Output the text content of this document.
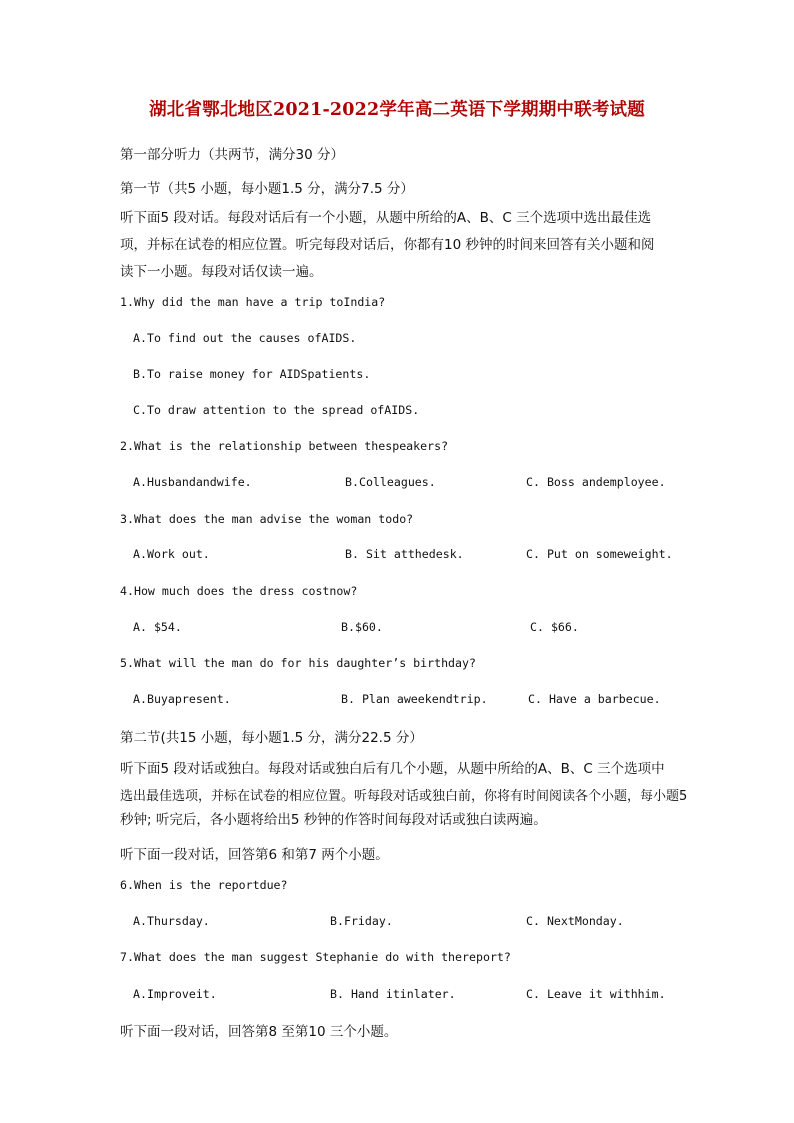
湖北省鄂北地区2021-2022学年高二英语下学期期中联考试题
第一部分听力（共两节，满分30 分）
第一节（共5 小题，每小题1.5 分，满分7.5 分）
听下面5 段对话。每段对话后有一个小题，从题中所给的A、B、C 三个选项中选出最佳选
项，并标在试卷的相应位置。听完每段对话后，你都有10 秒钟的时间来回答有关小题和阅
读下一小题。每段对话仅读一遍。
1.Why did the man have a trip toIndia?
A.To find out the causes ofAIDS.
B.To raise money for AIDSpatients.
C.To draw attention to the spread ofAIDS.
2.What is the relationship between thespeakers?
A.Husbandandwife.	B.Colleagues.	C. Boss andemployee.
3.What does the man advise the woman todo?
A.Work out.	B. Sit atthedesk.	C. Put on someweight.
4.How much does the dress costnow?
A. $54.	B.$60.	C. $66.
5.What will the man do for his daughter’s birthday?
A.Buyapresent.	B. Plan aweekendtrip.	C. Have a barbecue.
第二节(共15 小题，每小题1.5 分，满分22.5 分）
听下面5 段对话或独白。每段对话或独白后有几个小题，从题中所给的A、B、C 三个选项中
选出最佳选项，并标在试卷的相应位置。听每段对话或独白前，你将有时间阅读各个小题，每小题5
秒钟; 听完后，各小题将给出5 秒钟的作答时间每段对话或独白读两遍。
听下面一段对话，回答第6 和第7 两个小题。
6.When is the reportdue?
A.Thursday.	B.Friday.	C. NextMonday.
7.What does the man suggest Stephanie do with thereport?
A.Improveit.	B. Hand itinlater.	C. Leave it withhim.
听下面一段对话，回答第8 至第10 三个小题。
